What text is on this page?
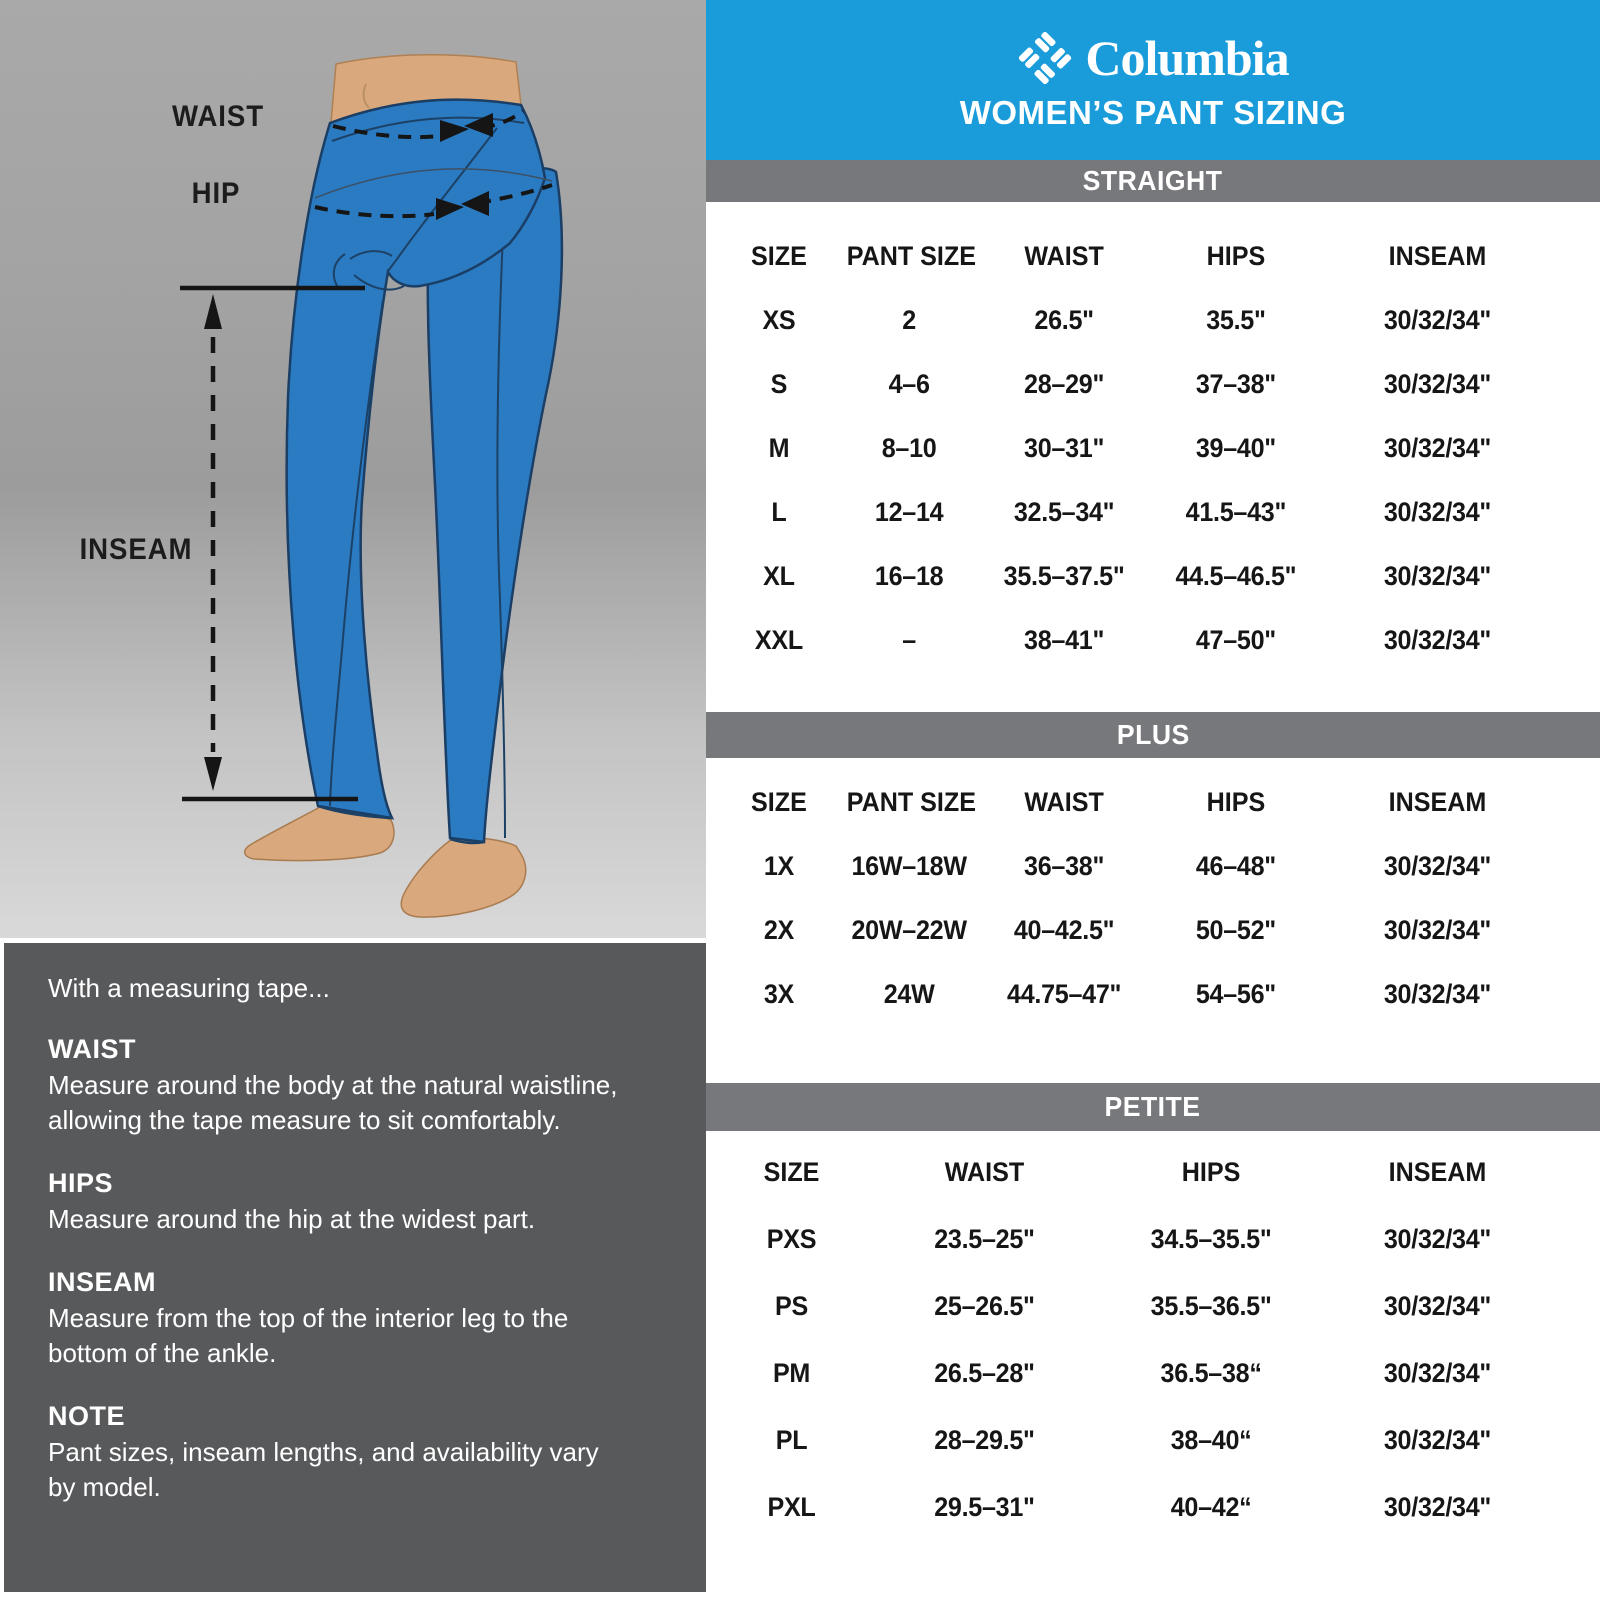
WAIST
HIP
INSEAM

With a measuring tape...

WAIST

Measure around the body at the natural waistline, allowing the tape measure to sit comfortably.

HIPS

Measure around the hip at the widest part.

INSEAM

Measure from the top of the interior leg to the bottom of the ankle.

NOTE

Pant sizes, inseam lengths, and availability vary by model.

Columbia
WOMEN’S PANT SIZING
STRAIGHT
SIZE	PANT SIZE	WAIST	HIPS	INSEAM
XS	2	26.5"	35.5"	30/32/34"
S	4–6	28–29"	37–38"	30/32/34"
M	8–10	30–31"	39–40"	30/32/34"
L	12–14	32.5–34"	41.5–43"	30/32/34"
XL	16–18	35.5–37.5"	44.5–46.5"	30/32/34"
XXL	–	38–41"	47–50"	30/32/34"
PLUS
SIZE	PANT SIZE	WAIST	HIPS	INSEAM
1X	16W–18W	36–38"	46–48"	30/32/34"
2X	20W–22W	40–42.5"	50–52"	30/32/34"
3X	24W	44.75–47"	54–56"	30/32/34"
PETITE
SIZE	WAIST	HIPS	INSEAM
PXS	23.5–25"	34.5–35.5"	30/32/34"
PS	25–26.5"	35.5–36.5"	30/32/34"
PM	26.5–28"	36.5–38“	30/32/34"
PL	28–29.5"	38–40“	30/32/34"
PXL	29.5–31"	40–42“	30/32/34"
